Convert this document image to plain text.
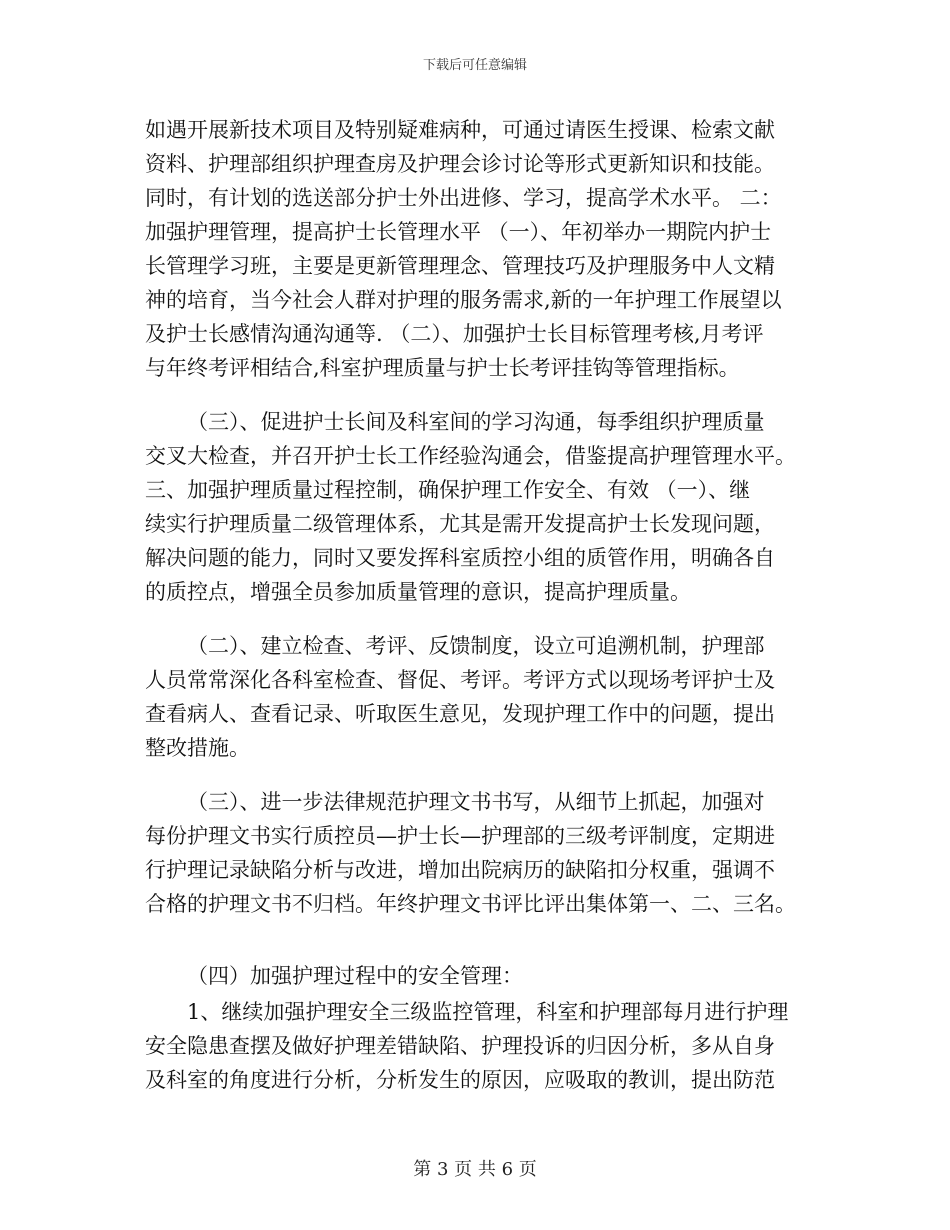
下载后可任意编辑
如遇开展新技术项目及特别疑难病种，可通过请医生授课、检索文献
资料、护理部组织护理查房及护理会诊讨论等形式更新知识和技能。
同时，有计划的选送部分护士外出进修、学习，提高学术水平。 二：
加强护理管理，提高护士长管理水平 （一）、年初举办一期院内护士
长管理学习班，主要是更新管理理念、管理技巧及护理服务中人文精
神的培育，当今社会人群对护理的服务需求,新的一年护理工作展望以
及护士长感情沟通沟通等. （二）、加强护士长目标管理考核,月考评
与年终考评相结合,科室护理质量与护士长考评挂钩等管理指标。
（三）、促进护士长间及科室间的学习沟通，每季组织护理质量
交叉大检查，并召开护士长工作经验沟通会，借鉴提高护理管理水平。
三、加强护理质量过程控制，确保护理工作安全、有效 （一）、继
续实行护理质量二级管理体系，尤其是需开发提高护士长发现问题，
解决问题的能力，同时又要发挥科室质控小组的质管作用，明确各自
的质控点，增强全员参加质量管理的意识，提高护理质量。
（二）、建立检查、考评、反馈制度，设立可追溯机制，护理部
人员常常深化各科室检查、督促、考评。考评方式以现场考评护士及
查看病人、查看记录、听取医生意见，发现护理工作中的问题，提出
整改措施。
（三）、进一步法律规范护理文书书写，从细节上抓起，加强对
每份护理文书实行质控员—护士长—护理部的三级考评制度，定期进
行护理记录缺陷分析与改进，增加出院病历的缺陷扣分权重，强调不
合格的护理文书不归档。年终护理文书评比评出集体第一、二、三名。
（四）加强护理过程中的安全管理：
1、继续加强护理安全三级监控管理，科室和护理部每月进行护理
安全隐患查摆及做好护理差错缺陷、护理投诉的归因分析，多从自身
及科室的角度进行分析，分析发生的原因，应吸取的教训，提出防范
第 3 页 共 6 页
